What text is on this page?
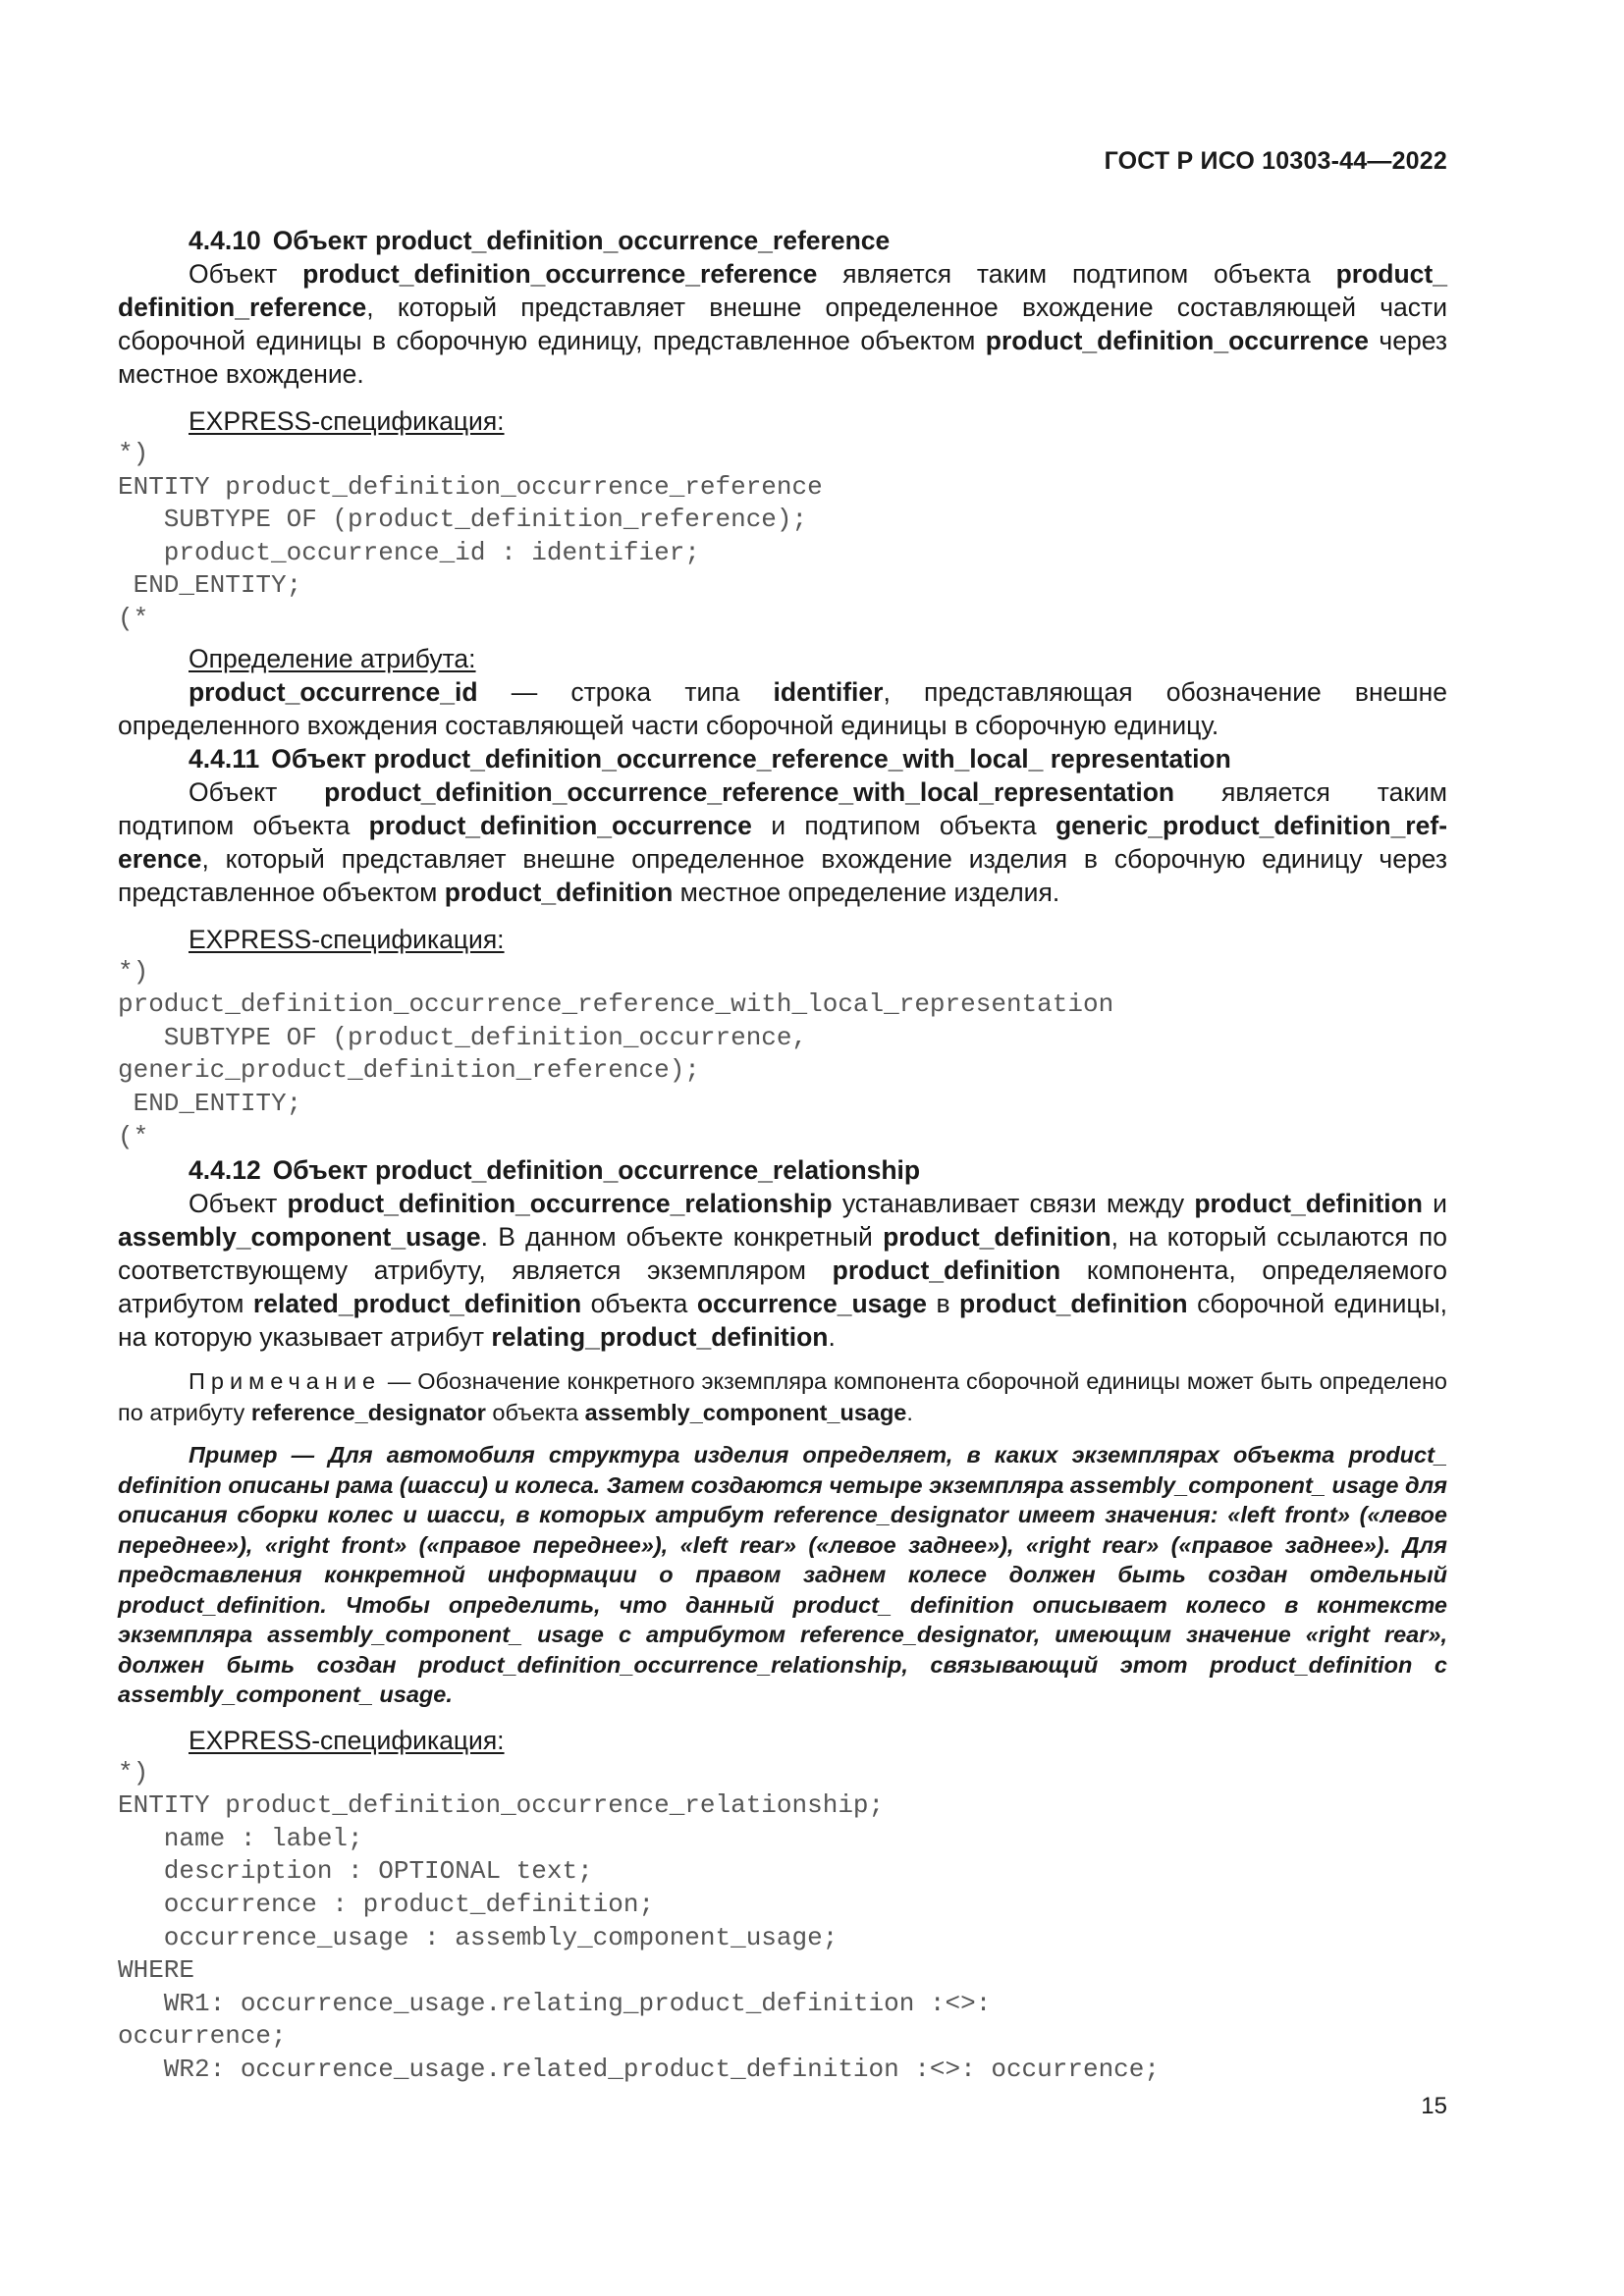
ГОСТ Р ИСО 10303-44—2022

4.4.10 Объект product_definition_occurrence_reference

Объект product_definition_occurrence_reference является таким подтипом объекта product_ definition_reference, который представляет внешне определенное вхождение составляющей части сборочной единицы в сборочную единицу, представленное объектом product_definition_occurrence через местное вхождение.

EXPRESS-спецификация:

*)
ENTITY product_definition_occurrence_reference
SUBTYPE OF (product_definition_reference);
product_occurrence_id : identifier;
END_ENTITY;
(*

Определение атрибута:

product_occurrence_id — строка типа identifier, представляющая обозначение внешне определенного вхождения составляющей части сборочной единицы в сборочную единицу.

4.4.11 Объект product_definition_occurrence_reference_with_local_ representation

Объект product_definition_occurrence_reference_with_local_representation является таким подтипом объекта product_definition_occurrence и подтипом объекта generic_product_definition_reference, который представляет внешне определенное вхождение изделия в сборочную единицу через представленное объектом product_definition местное определение изделия.

EXPRESS-спецификация:

*)
product_definition_occurrence_reference_with_local_representation
SUBTYPE OF (product_definition_occurrence,
generic_product_definition_reference);
END_ENTITY;
(*

4.4.12 Объект product_definition_occurrence_relationship

Объект product_definition_occurrence_relationship устанавливает связи между product_definition и assembly_component_usage. В данном объекте конкретный product_definition, на который ссылаются по соответствующему атрибуту, является экземпляром product_definition компонента, определяемого атрибутом related_product_definition объекта occurrence_usage в product_definition сборочной единицы, на которую указывает атрибут relating_product_definition.

Примечание — Обозначение конкретного экземпляра компонента сборочной единицы может быть определено по атрибуту reference_designator объекта assembly_component_usage.

Пример — Для автомобиля структура изделия определяет, в каких экземплярах объекта product_ definition описаны рама (шасси) и колеса. Затем создаются четыре экземпляра assembly_component_ usage для описания сборки колес и шасси, в которых атрибут reference_designator имеет значения: «left front» («левое переднее»), «right front» («правое переднее»), «left rear» («левое заднее»), «right rear» («правое заднее»). Для представления конкретной информации о правом заднем колесе должен быть создан отдельный product_definition. Чтобы определить, что данный product_ definition описывает колесо в контексте экземпляра assembly_component_ usage с атрибутом reference_designator, имеющим значение «right rear», должен быть создан product_definition_occurrence_relationship, связывающий этот product_definition с assembly_component_ usage.

EXPRESS-спецификация:

*)
ENTITY product_definition_occurrence_relationship;
name : label;
description : OPTIONAL text;
occurrence : product_definition;
occurrence_usage : assembly_component_usage;
WHERE
WR1: occurrence_usage.relating_product_definition :<>:
occurrence;
WR2: occurrence_usage.related_product_definition :<>: occurrence;
15
